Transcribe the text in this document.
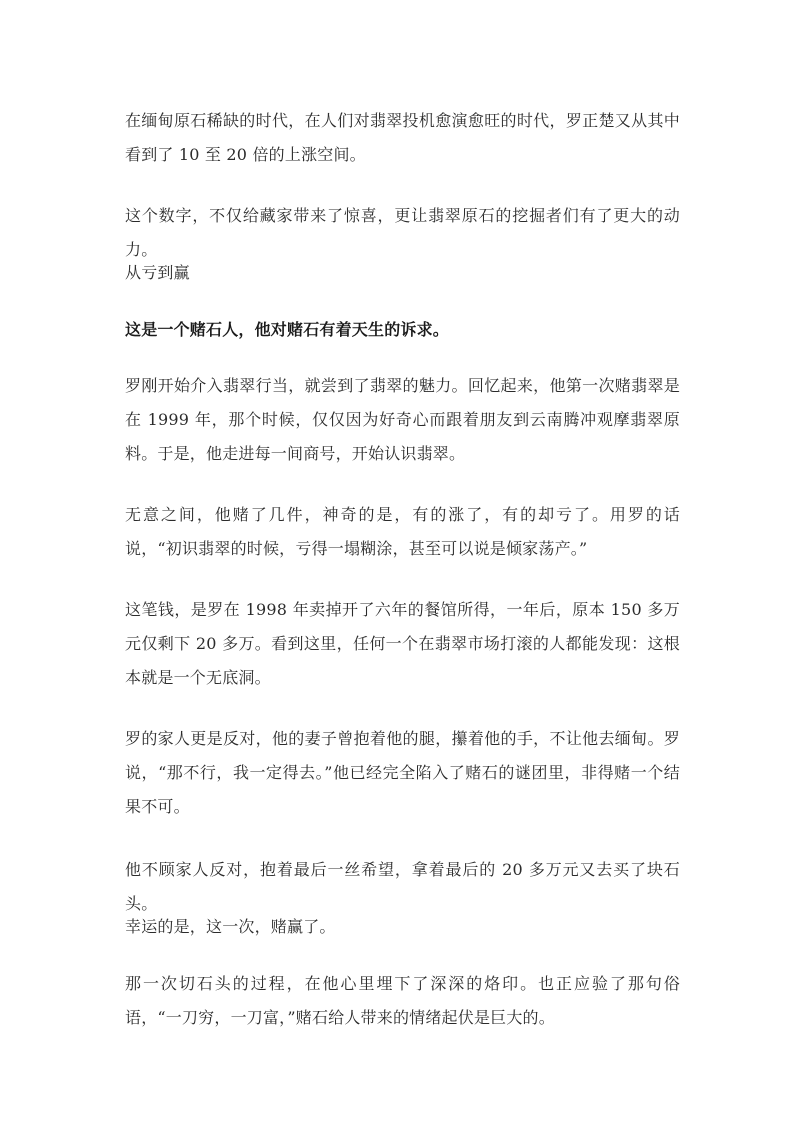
在缅甸原石稀缺的时代，在人们对翡翠投机愈演愈旺的时代，罗正楚又从其中看到了 10 至 20 倍的上涨空间。

这个数字，不仅给藏家带来了惊喜，更让翡翠原石的挖掘者们有了更大的动力。

从亏到赢

这是一个赌石人，他对赌石有着天生的诉求。

罗刚开始介入翡翠行当，就尝到了翡翠的魅力。回忆起来，他第一次赌翡翠是在 1999 年，那个时候，仅仅因为好奇心而跟着朋友到云南腾冲观摩翡翠原料。于是，他走进每一间商号，开始认识翡翠。

无意之间，他赌了几件，神奇的是，有的涨了，有的却亏了。用罗的话说，“初识翡翠的时候，亏得一塌糊涂，甚至可以说是倾家荡产。”

这笔钱，是罗在 1998 年卖掉开了六年的餐馆所得，一年后，原本 150 多万元仅剩下 20 多万。看到这里，任何一个在翡翠市场打滚的人都能发现：这根本就是一个无底洞。

罗的家人更是反对，他的妻子曾抱着他的腿，攥着他的手，不让他去缅甸。罗说，“那不行，我一定得去。”他已经完全陷入了赌石的谜团里，非得赌一个结果不可。

他不顾家人反对，抱着最后一丝希望，拿着最后的 20 多万元又去买了块石头。

幸运的是，这一次，赌赢了。

那一次切石头的过程，在他心里埋下了深深的烙印。也正应验了那句俗语，“一刀穷，一刀富，”赌石给人带来的情绪起伏是巨大的。
